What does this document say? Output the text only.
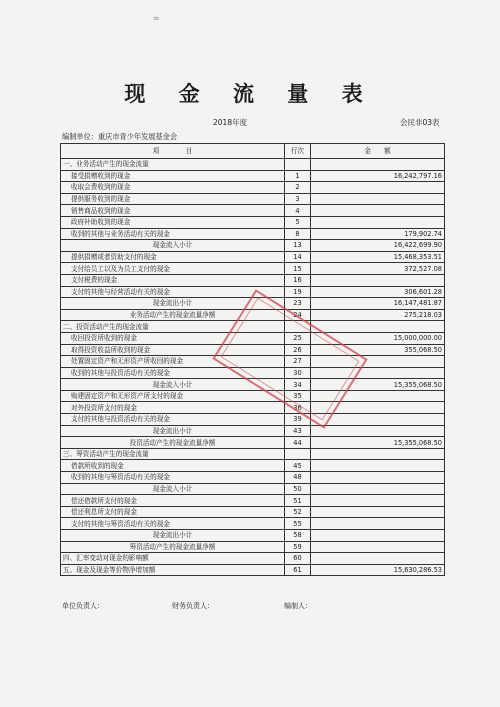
≈
现 金 流 量 表
2018年度	会民非03表
编制单位：重庆市青少年发展基金会
项　　　　目	行次	金　　额
一、业务活动产生的现金流量		
接受捐赠收到的现金	1	16,242,797.16
收取会费收到的现金	2	
提供服务收到的现金	3	
销售商品收到的现金	4	
政府补助收到的现金	5	
收到的其他与业务活动有关的现金	8	179,902.74
现金流入小计	13	16,422,699.90
提供捐赠或者资助支付的现金	14	15,468,353.51
支付给员工以及为员工支付的现金	15	372,527.08
支付税费的现金	16	
支付的其他与经营活动有关的现金	19	306,601.28
现金流出小计	23	16,147,481.87
业务活动产生的现金流量净额	24	275,218.03
二、投资活动产生的现金流量		
收回投资所收到的现金	25	15,000,000.00
取得投资收益所收到的现金	26	355,068.50
处置固定资产和无形资产所收回的现金	27	
收到的其他与投资活动有关的现金	30	
现金流入小计	34	15,355,068.50
购建固定资产和无形资产所支付的现金	35	
对外投资所支付的现金	36	
支付的其他与投资活动有关的现金	39	
现金流出小计	43	
投资活动产生的现金流量净额	44	15,355,068.50
三、筹资活动产生的现金流量		
借款所收到的现金	45	
收到的其他与筹资活动有关的现金	48	
现金流入小计	50	
偿还借款所支付的现金	51	
偿还利息所支付的现金	52	
支付的其他与筹资活动有关的现金	55	
现金流出小计	58	
筹资活动产生的现金流量净额	59	
四、汇率变动对现金的影响额	60	
五、现金及现金等价物净增加额	61	15,630,286.53
单位负责人：	财务负责人：	编制人：
